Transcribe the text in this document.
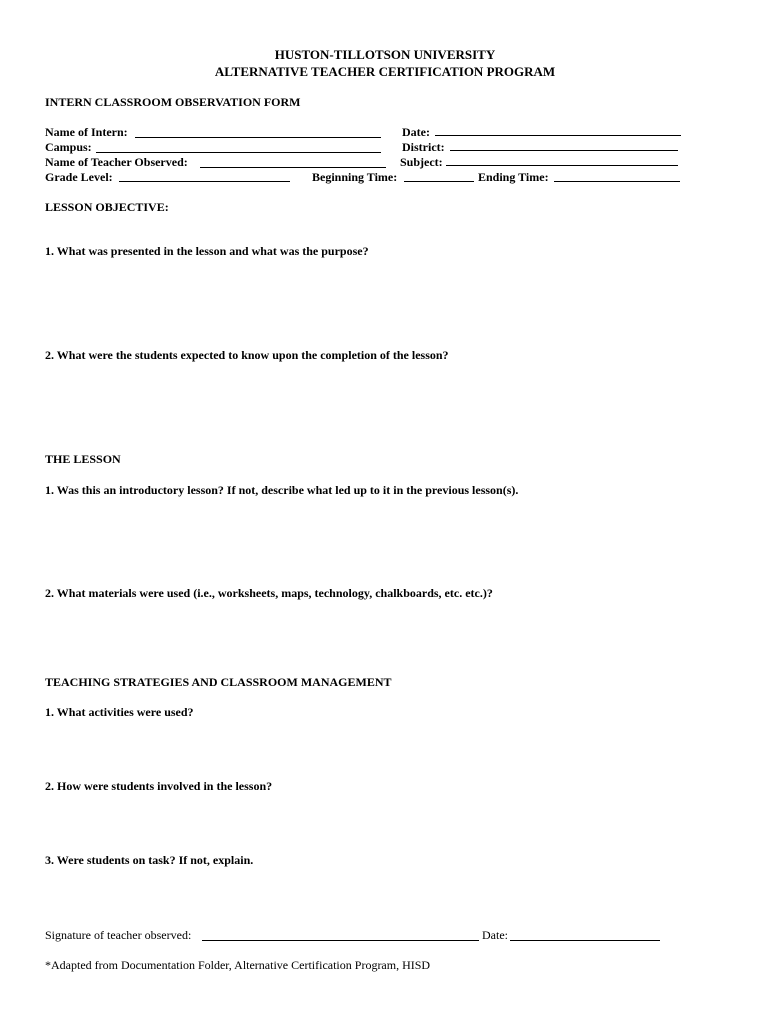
HUSTON-TILLOTSON UNIVERSITY
ALTERNATIVE TEACHER CERTIFICATION PROGRAM
INTERN CLASSROOM OBSERVATION FORM
Name of Intern:	Date:
Campus:	District:
Name of Teacher Observed:	Subject:
Grade Level:	Beginning Time:	Ending Time:
LESSON OBJECTIVE:
1. What was presented in the lesson and what was the purpose?
2. What were the students expected to know upon the completion of the lesson?
THE LESSON
1. Was this an introductory lesson? If not, describe what led up to it in the previous lesson(s).
2. What materials were used (i.e., worksheets, maps, technology, chalkboards, etc. etc.)?
TEACHING STRATEGIES AND CLASSROOM MANAGEMENT
1. What activities were used?
2. How were students involved in the lesson?
3. Were students on task? If not, explain.
Signature of teacher observed:	Date:
*Adapted from Documentation Folder, Alternative Certification Program, HISD
